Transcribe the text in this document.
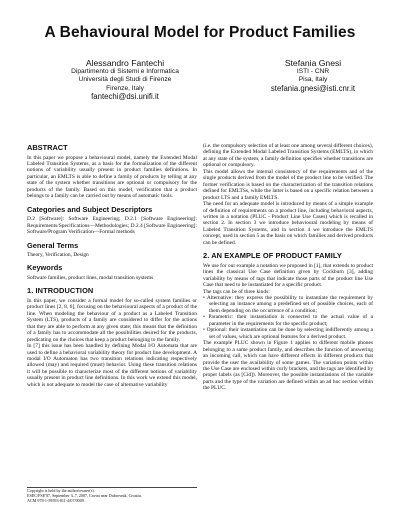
A Behavioural Model for Product Families
Alessandro Fantechi
Dipartimento di Sistemi e Informatica
Università degli Studi di Firenze
Firenze, Italy
fantechi@dsi.unifi.it
Stefania Gnesi
ISTI - CNR
Pisa, Italy
stefania.gnesi@isti.cnr.it
ABSTRACT

In this paper we propose a behavioural model, namely the Extended Modal Labeled Transition Systems, as a basis for the formalization of the different notions of variability usually present in product families definitions. In particular, an EMLTS is able to define a family of products by telling at any state of the system whether transitions are optional or compulsory for the products of the family. Based on this model, verification that a product belongs to a family can be carried out by means of automatic tools.

Categories and Subject Descriptors

D.2 [Software]: Software Engineering; D.2.1 [Software Engineering]: Requirements/Specifications—Methodologies; D.2.4 [Software Engineering]: Software/Program Verification—Formal methods

General Terms

Theory, Verification, Design

Keywords

Software families, product lines, modal transition systems

1. INTRODUCTION

In this paper, we consider a formal model for so-called system families or product lines [2, 8, 6], focusing on the behavioural aspects of a product of the line. When modeling the behaviour of a product as a Labeled Transition System (LTS), products of a family are considered to differ for the actions that they are able to perform at any given state; this means that the definition of a family has to accommodate all the possibilities desired for the products, predicating on the choices that keep a product belonging to the family.

In [7] this issue has been handled by defining Modal I/O Automata that are used to define a behavioral variability theory for product line development. A modal I/O Automaton has two transition relations indicating respectively allowed (may) and required (must) behavior. Using these transition relations it will be possible to characterize most of the different notions of variability usually present in product line definitions. In this work we extend this model, which is not adequate to model the case of alternative variability

(i.e. the compulsory selection of at least one among several different choices), defining the Extended Modal Labeled Transition Systems (EMLTS), in which at any state of the system, a family definition specifies whether transitions are optional or compulsory.

This model allows the internal consistency of the requirements and of the single products derived from the model of the product line to be verified. The former verification is based on the characterization of the transition relations defined for EMLTSs, while the latter is based on a specific relation between a product LTS and a family EMLTS.

The need for an adequate model is introduced by means of a simple example of definition of requirements on a product line, including behavioral aspects, written in a notation (PLUC - Product Line Use Cases) which is recalled in section 2. In section 3 we introduce behavioural modeling by means of Labeled Transition Systems, and in section 4 we introduce the EMLTS concept, used in section 5 as the basis on which families and derived products can be defined.

2. AN EXAMPLE OF PRODUCT FAMILY

We use for our example a notation we proposed in [1], that extends to product lines the classical Use Case definition given by Cockburn [3], adding variability by means of tags that indicate those parts of the product line Use Case that need to be instantiated for a specific product.

The tags can be of three kinds:

• Alternative: they express the possibility to instantiate the requirement by selecting an instance among a predefined set of possible choices, each of them depending on the occurrence of a condition;

• Parametric: their instantiation is connected to the actual value of a parameter in the requirements for the specific product;

• Optional: their instantiation can be done by selecting indifferently among a set of values, which are optional features for a derived product.

The example PLUC shown in Figure 1 applies to different mobile phones belonging to a same product family, and describes the function of answering an incoming call, which can have different effects in different products that provide the user the availability of some games. The variation points within the Use Case are enclosed within curly brackets, and the tags are identified by proper labels (as [Cid]). Moreover, the possible instantiations of the variable parts and the type of the variation are defined within an ad hoc section within the PLUC.

Copyright is held by the author/owner(s).

ESEC/FSE'07, September 3–7, 2007, Cavtat near Dubrovnik, Croatia.

ACM 978-1-59593-811-4/07/0009.
